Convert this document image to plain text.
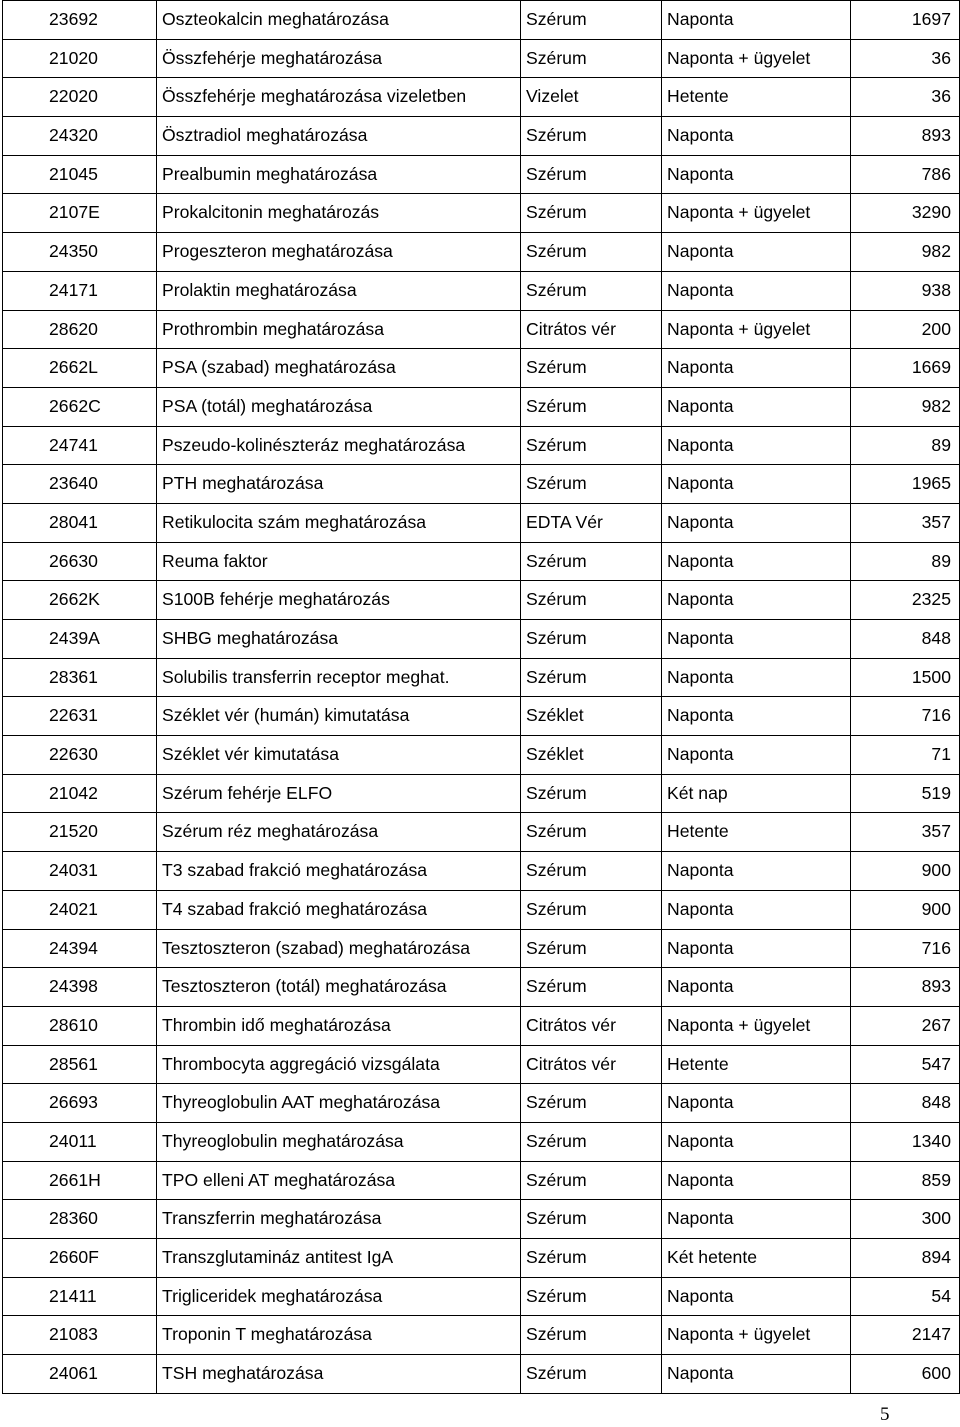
23692	Oszteokalcin meghatározása	Szérum	Naponta	1697
21020	Összfehérje meghatározása	Szérum	Naponta + ügyelet	36
22020	Összfehérje meghatározása vizeletben	Vizelet	Hetente	36
24320	Ösztradiol meghatározása	Szérum	Naponta	893
21045	Prealbumin meghatározása	Szérum	Naponta	786
2107E	Prokalcitonin meghatározás	Szérum	Naponta + ügyelet	3290
24350	Progeszteron meghatározása	Szérum	Naponta	982
24171	Prolaktin meghatározása	Szérum	Naponta	938
28620	Prothrombin meghatározása	Citrátos vér	Naponta + ügyelet	200
2662L	PSA (szabad) meghatározása	Szérum	Naponta	1669
2662C	PSA (totál) meghatározása	Szérum	Naponta	982
24741	Pszeudo-kolinészteráz meghatározása	Szérum	Naponta	89
23640	PTH meghatározása	Szérum	Naponta	1965
28041	Retikulocita szám meghatározása	EDTA Vér	Naponta	357
26630	Reuma faktor	Szérum	Naponta	89
2662K	S100B fehérje meghatározás	Szérum	Naponta	2325
2439A	SHBG meghatározása	Szérum	Naponta	848
28361	Solubilis transferrin receptor meghat.	Szérum	Naponta	1500
22631	Széklet vér (humán) kimutatása	Széklet	Naponta	716
22630	Széklet vér kimutatása	Széklet	Naponta	71
21042	Szérum fehérje ELFO	Szérum	Két nap	519
21520	Szérum réz meghatározása	Szérum	Hetente	357
24031	T3 szabad frakció meghatározása	Szérum	Naponta	900
24021	T4 szabad frakció meghatározása	Szérum	Naponta	900
24394	Tesztoszteron (szabad) meghatározása	Szérum	Naponta	716
24398	Tesztoszteron (totál) meghatározása	Szérum	Naponta	893
28610	Thrombin idő meghatározása	Citrátos vér	Naponta + ügyelet	267
28561	Thrombocyta aggregáció vizsgálata	Citrátos vér	Hetente	547
26693	Thyreoglobulin AAT meghatározása	Szérum	Naponta	848
24011	Thyreoglobulin meghatározása	Szérum	Naponta	1340
2661H	TPO elleni AT meghatározása	Szérum	Naponta	859
28360	Transzferrin meghatározása	Szérum	Naponta	300
2660F	Transzglutamináz antitest IgA	Szérum	Két hetente	894
21411	Trigliceridek meghatározása	Szérum	Naponta	54
21083	Troponin T meghatározása	Szérum	Naponta + ügyelet	2147
24061	TSH meghatározása	Szérum	Naponta	600
5
